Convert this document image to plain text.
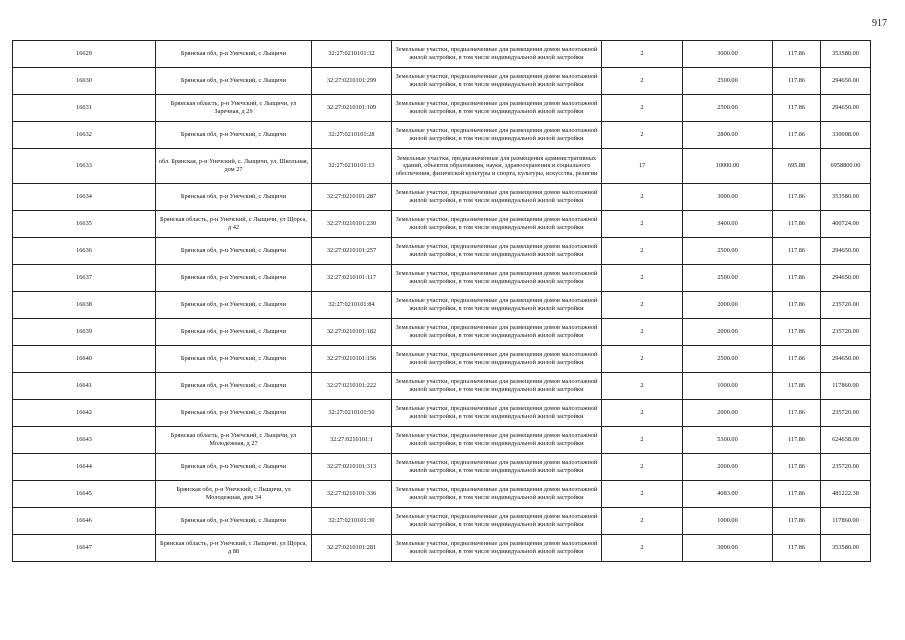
917
16629	Брянская обл, р-н Унечский, с Лыщичи	32:27:0210101:32	Земельные участки, предназначенные для размещения домов малоэтажной жилой застройки, в том числе индивидуальной жилой застройки	2	3000.00	117.86	353580.00
16630	Брянская обл, р-н Унечский, с Лыщичи	32:27:0210101:299	Земельные участки, предназначенные для размещения домов малоэтажной жилой застройки, в том числе индивидуальной жилой застройки	2	2500.00	117.86	294650.00
16631	Брянская область, р-н Унечский, с Лыщичи, ул Заречная, д 29	32:27:0210101:109	Земельные участки, предназначенные для размещения домов малоэтажной жилой застройки, в том числе индивидуальной жилой застройки	2	2500.00	117.86	294650.00
16632	Брянская обл, р-н Унечский, с Лыщичи	32:27:0210101:28	Земельные участки, предназначенные для размещения домов малоэтажной жилой застройки, в том числе индивидуальной жилой застройки	2	2800.00	117.86	330008.00
16633	обл. Брянская, р-н Унечский, с. Лыщичи, ул. Школьная, дом 27	32:27:0210101:13	Земельные участки, предназначенные для размещения административных зданий, объектов образования, науки, здравоохранения и социального обеспечения, физической культуры и спорта, культуры, искусства, религии	17	10000.00	695.88	6958800.00
16634	Брянская обл, р-н Унечский, с Лыщичи	32:27:0210101:287	Земельные участки, предназначенные для размещения домов малоэтажной жилой застройки, в том числе индивидуальной жилой застройки	2	3000.00	117.86	353580.00
16635	Брянская область, р-н Унечский, с Лыщичи, ул Щорса, д 42	32:27:0210101:230	Земельные участки, предназначенные для размещения домов малоэтажной жилой застройки, в том числе индивидуальной жилой застройки	2	3400.00	117.86	400724.00
16636	Брянская обл, р-н Унечский, с Лыщичи	32:27:0210101:257	Земельные участки, предназначенные для размещения домов малоэтажной жилой застройки, в том числе индивидуальной жилой застройки	2	2500.00	117.86	294650.00
16637	Брянская обл, р-н Унечский, с Лыщичи	32:27:0210101:117	Земельные участки, предназначенные для размещения домов малоэтажной жилой застройки, в том числе индивидуальной жилой застройки	2	2500.00	117.86	294650.00
16638	Брянская обл, р-н Унечский, с Лыщичи	32:27:0210101:84	Земельные участки, предназначенные для размещения домов малоэтажной жилой застройки, в том числе индивидуальной жилой застройки	2	2000.00	117.86	235720.00
16639	Брянская обл, р-н Унечский, с Лыщичи	32:27:0210101:182	Земельные участки, предназначенные для размещения домов малоэтажной жилой застройки, в том числе индивидуальной жилой застройки	2	2000.00	117.86	235720.00
16640	Брянская обл, р-н Унечский, с Лыщичи	32:27:0210101:156	Земельные участки, предназначенные для размещения домов малоэтажной жилой застройки, в том числе индивидуальной жилой застройки	2	2500.00	117.86	294650.00
16641	Брянская обл, р-н Унечский, с Лыщичи	32:27:0210101:222	Земельные участки, предназначенные для размещения домов малоэтажной жилой застройки, в том числе индивидуальной жилой застройки	2	1000.00	117.86	117860.00
16642	Брянская обл, р-н Унечский, с Лыщичи	32:27:0210101:50	Земельные участки, предназначенные для размещения домов малоэтажной жилой застройки, в том числе индивидуальной жилой застройки	2	2000.00	117.86	235720.00
16643	Брянская область, р-н Унечский, с Лыщичи, ул Молодежная, д 27	32:27:0210101:1	Земельные участки, предназначенные для размещения домов малоэтажной жилой застройки, в том числе индивидуальной жилой застройки	2	5300.00	117.86	624658.00
16644	Брянская обл, р-н Унечский, с Лыщичи	32:27:0210101:313	Земельные участки, предназначенные для размещения домов малоэтажной жилой застройки, в том числе индивидуальной жилой застройки	2	2000.00	117.86	235720.00
16645	Брянская обл, р-н Унечский, с Лыщичи, ул Молодежная, дом 34	32:27:0210101:336	Земельные участки, предназначенные для размещения домов малоэтажной жилой застройки, в том числе индивидуальной жилой застройки	2	4083.00	117.86	481222.38
16646	Брянская обл, р-н Унечский, с Лыщичи	32:27:0210101:30	Земельные участки, предназначенные для размещения домов малоэтажной жилой застройки, в том числе индивидуальной жилой застройки	2	1000.00	117.86	117860.00
16647	Брянская область, р-н Унечский, с Лыщичи, ул Щорса, д 88	32:27:0210101:281	Земельные участки, предназначенные для размещения домов малоэтажной жилой застройки, в том числе индивидуальной жилой застройки	2	3000.00	117.86	353580.00
